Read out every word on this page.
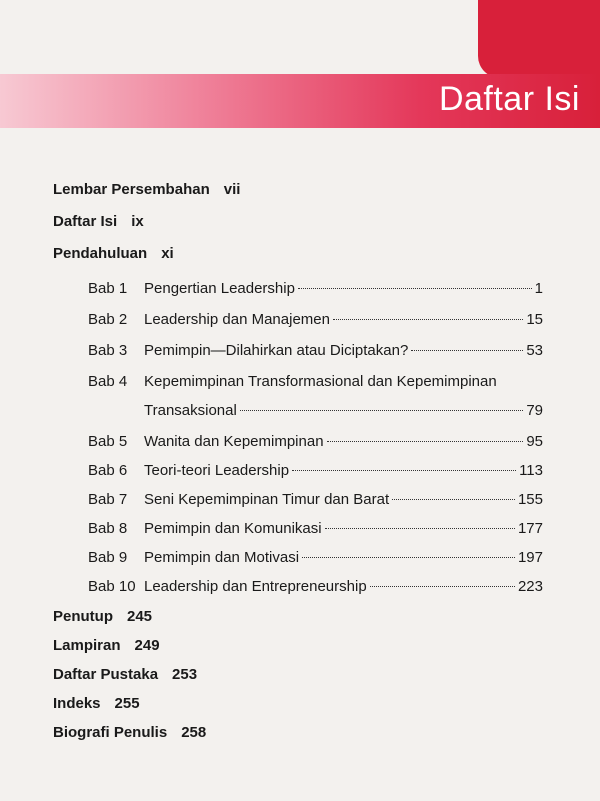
Daftar Isi
Lembar Persembahan vii
Daftar Isi ix
Pendahuluan xi
Bab 1	Pengertian Leadership	1
Bab 2	Leadership dan Manajemen	15
Bab 3	Pemimpin—Dilahirkan atau Diciptakan?	53
Bab 4 Kepemimpinan Transformasional dan Kepemimpinan
Transaksional	79
Bab 5	Wanita dan Kepemimpinan	95
Bab 6	Teori-teori Leadership	113
Bab 7	Seni Kepemimpinan Timur dan Barat	155
Bab 8	Pemimpin dan Komunikasi	177
Bab 9	Pemimpin dan Motivasi	197
Bab 10 Leadership dan Entrepreneurship	223
Penutup 245
Lampiran 249
Daftar Pustaka 253
Indeks 255
Biografi Penulis 258
